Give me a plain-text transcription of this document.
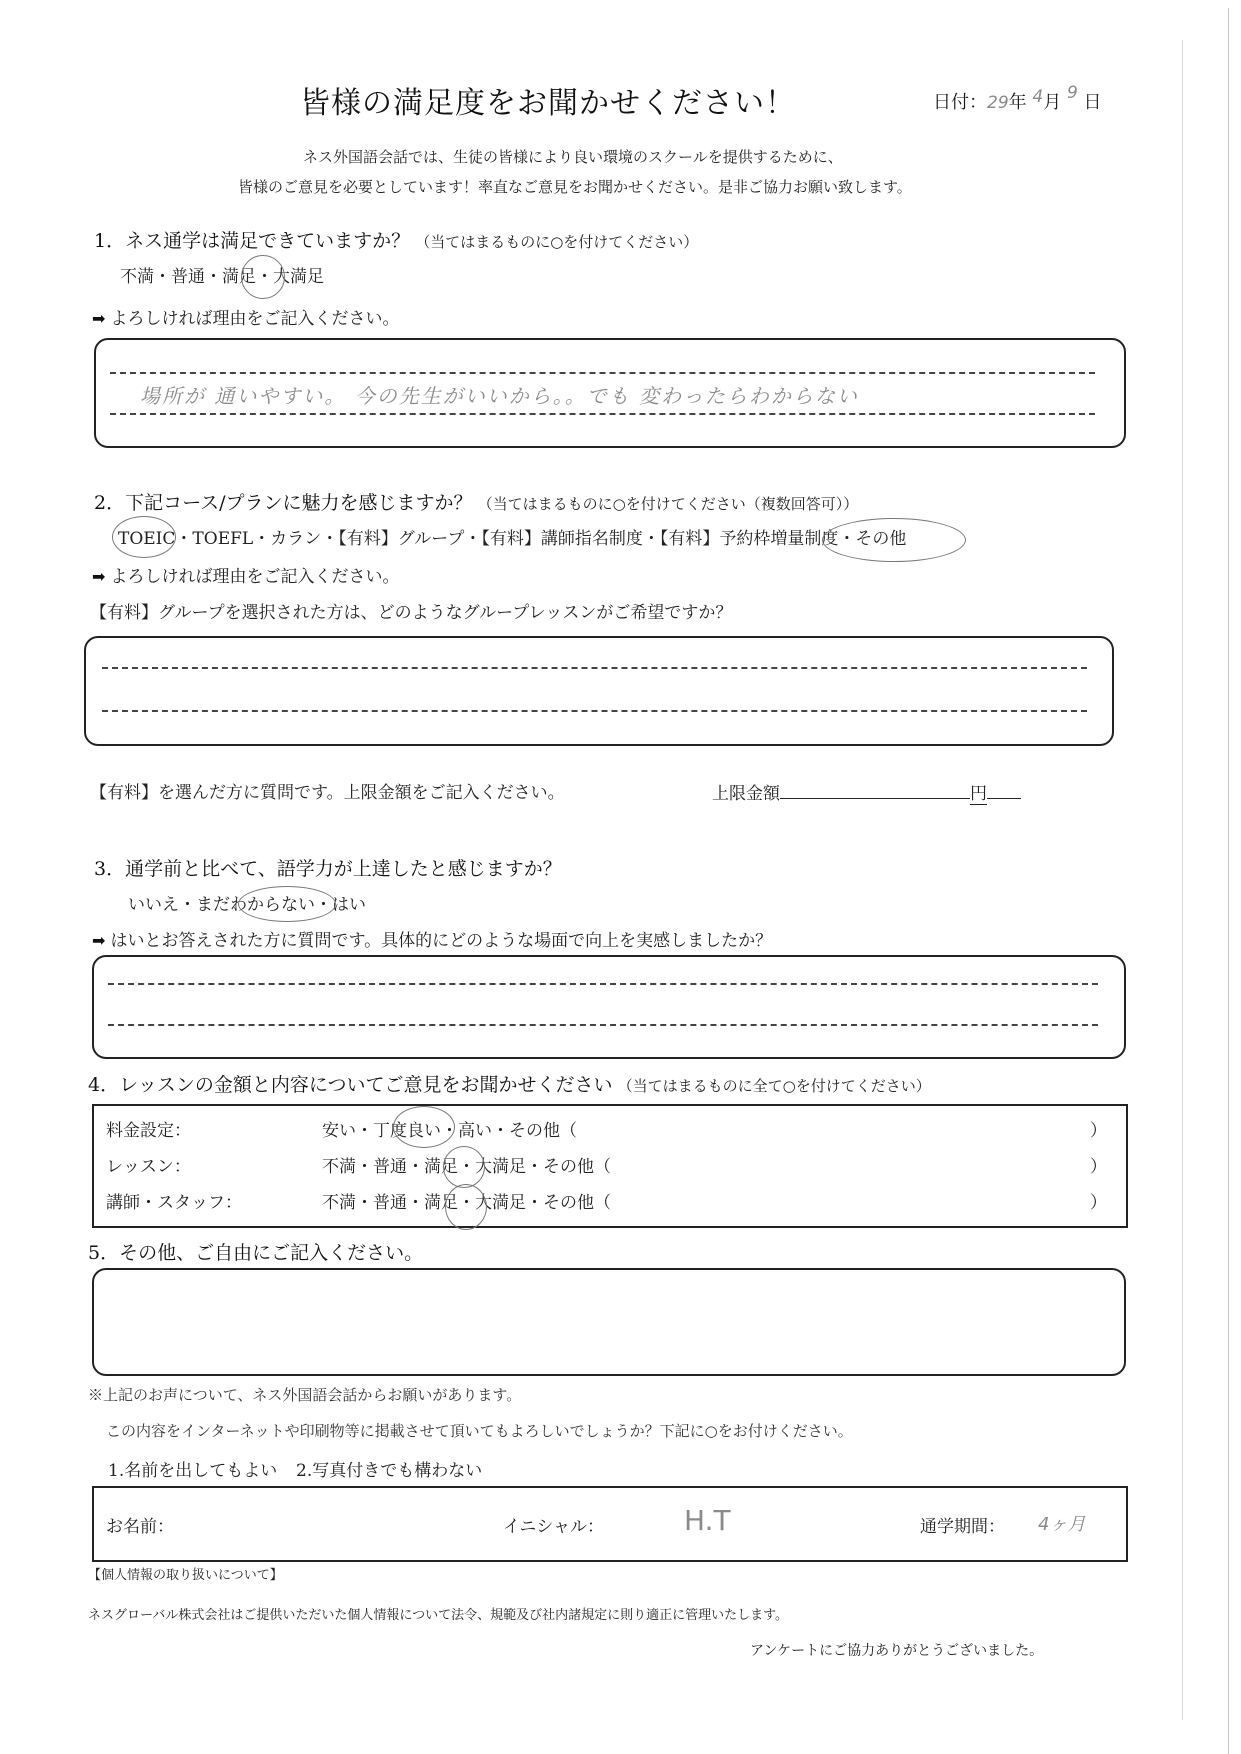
皆様の満足度をお聞かせください！	日付：29年 4月 9 日
ネス外国語会話では、生徒の皆様により良い環境のスクールを提供するために、
皆様のご意見を必要としています！率直なご意見をお聞かせください。是非ご協力お願い致します。
1．ネス通学は満足できていますか？ （当てはまるものに○を付けてください）
不満・普通・満足・大満足
➡ よろしければ理由をご記入ください。
場所が 通いやすい。 今の先生がいいから。。でも 変わったらわからない
2．下記コース/プランに魅力を感じますか？ （当てはまるものに○を付けてください（複数回答可））
TOEIC・TOEFL・カラン・【有料】グループ・【有料】講師指名制度・【有料】予約枠増量制度・その他
➡ よろしければ理由をご記入ください。
【有料】グループを選択された方は、どのようなグループレッスンがご希望ですか？
【有料】を選んだ方に質問です。上限金額をご記入ください。	上限金額	円
3．通学前と比べて、語学力が上達したと感じますか？
いいえ・まだわからない・はい
➡ はいとお答えされた方に質問です。具体的にどのような場面で向上を実感しましたか？
4．レッスンの金額と内容についてご意見をお聞かせください （当てはまるものに全て○を付けてください）
料金設定：	安い・丁度良い・高い・その他（	）
レッスン：	不満・普通・満足・大満足・その他（	）
講師・スタッフ：	不満・普通・満足・大満足・その他（	）
5．その他、ご自由にご記入ください。
※上記のお声について、ネス外国語会話からお願いがあります。
この内容をインターネットや印刷物等に掲載させて頂いてもよろしいでしょうか？下記に○をお付けください。
1.名前を出してもよい 2.写真付きでも構わない
お名前：	イニシャル：	H.T	通学期間： 4ヶ月
【個人情報の取り扱いについて】
ネスグローバル株式会社はご提供いただいた個人情報について法令、規範及び社内諸規定に則り適正に管理いたします。
アンケートにご協力ありがとうございました。
